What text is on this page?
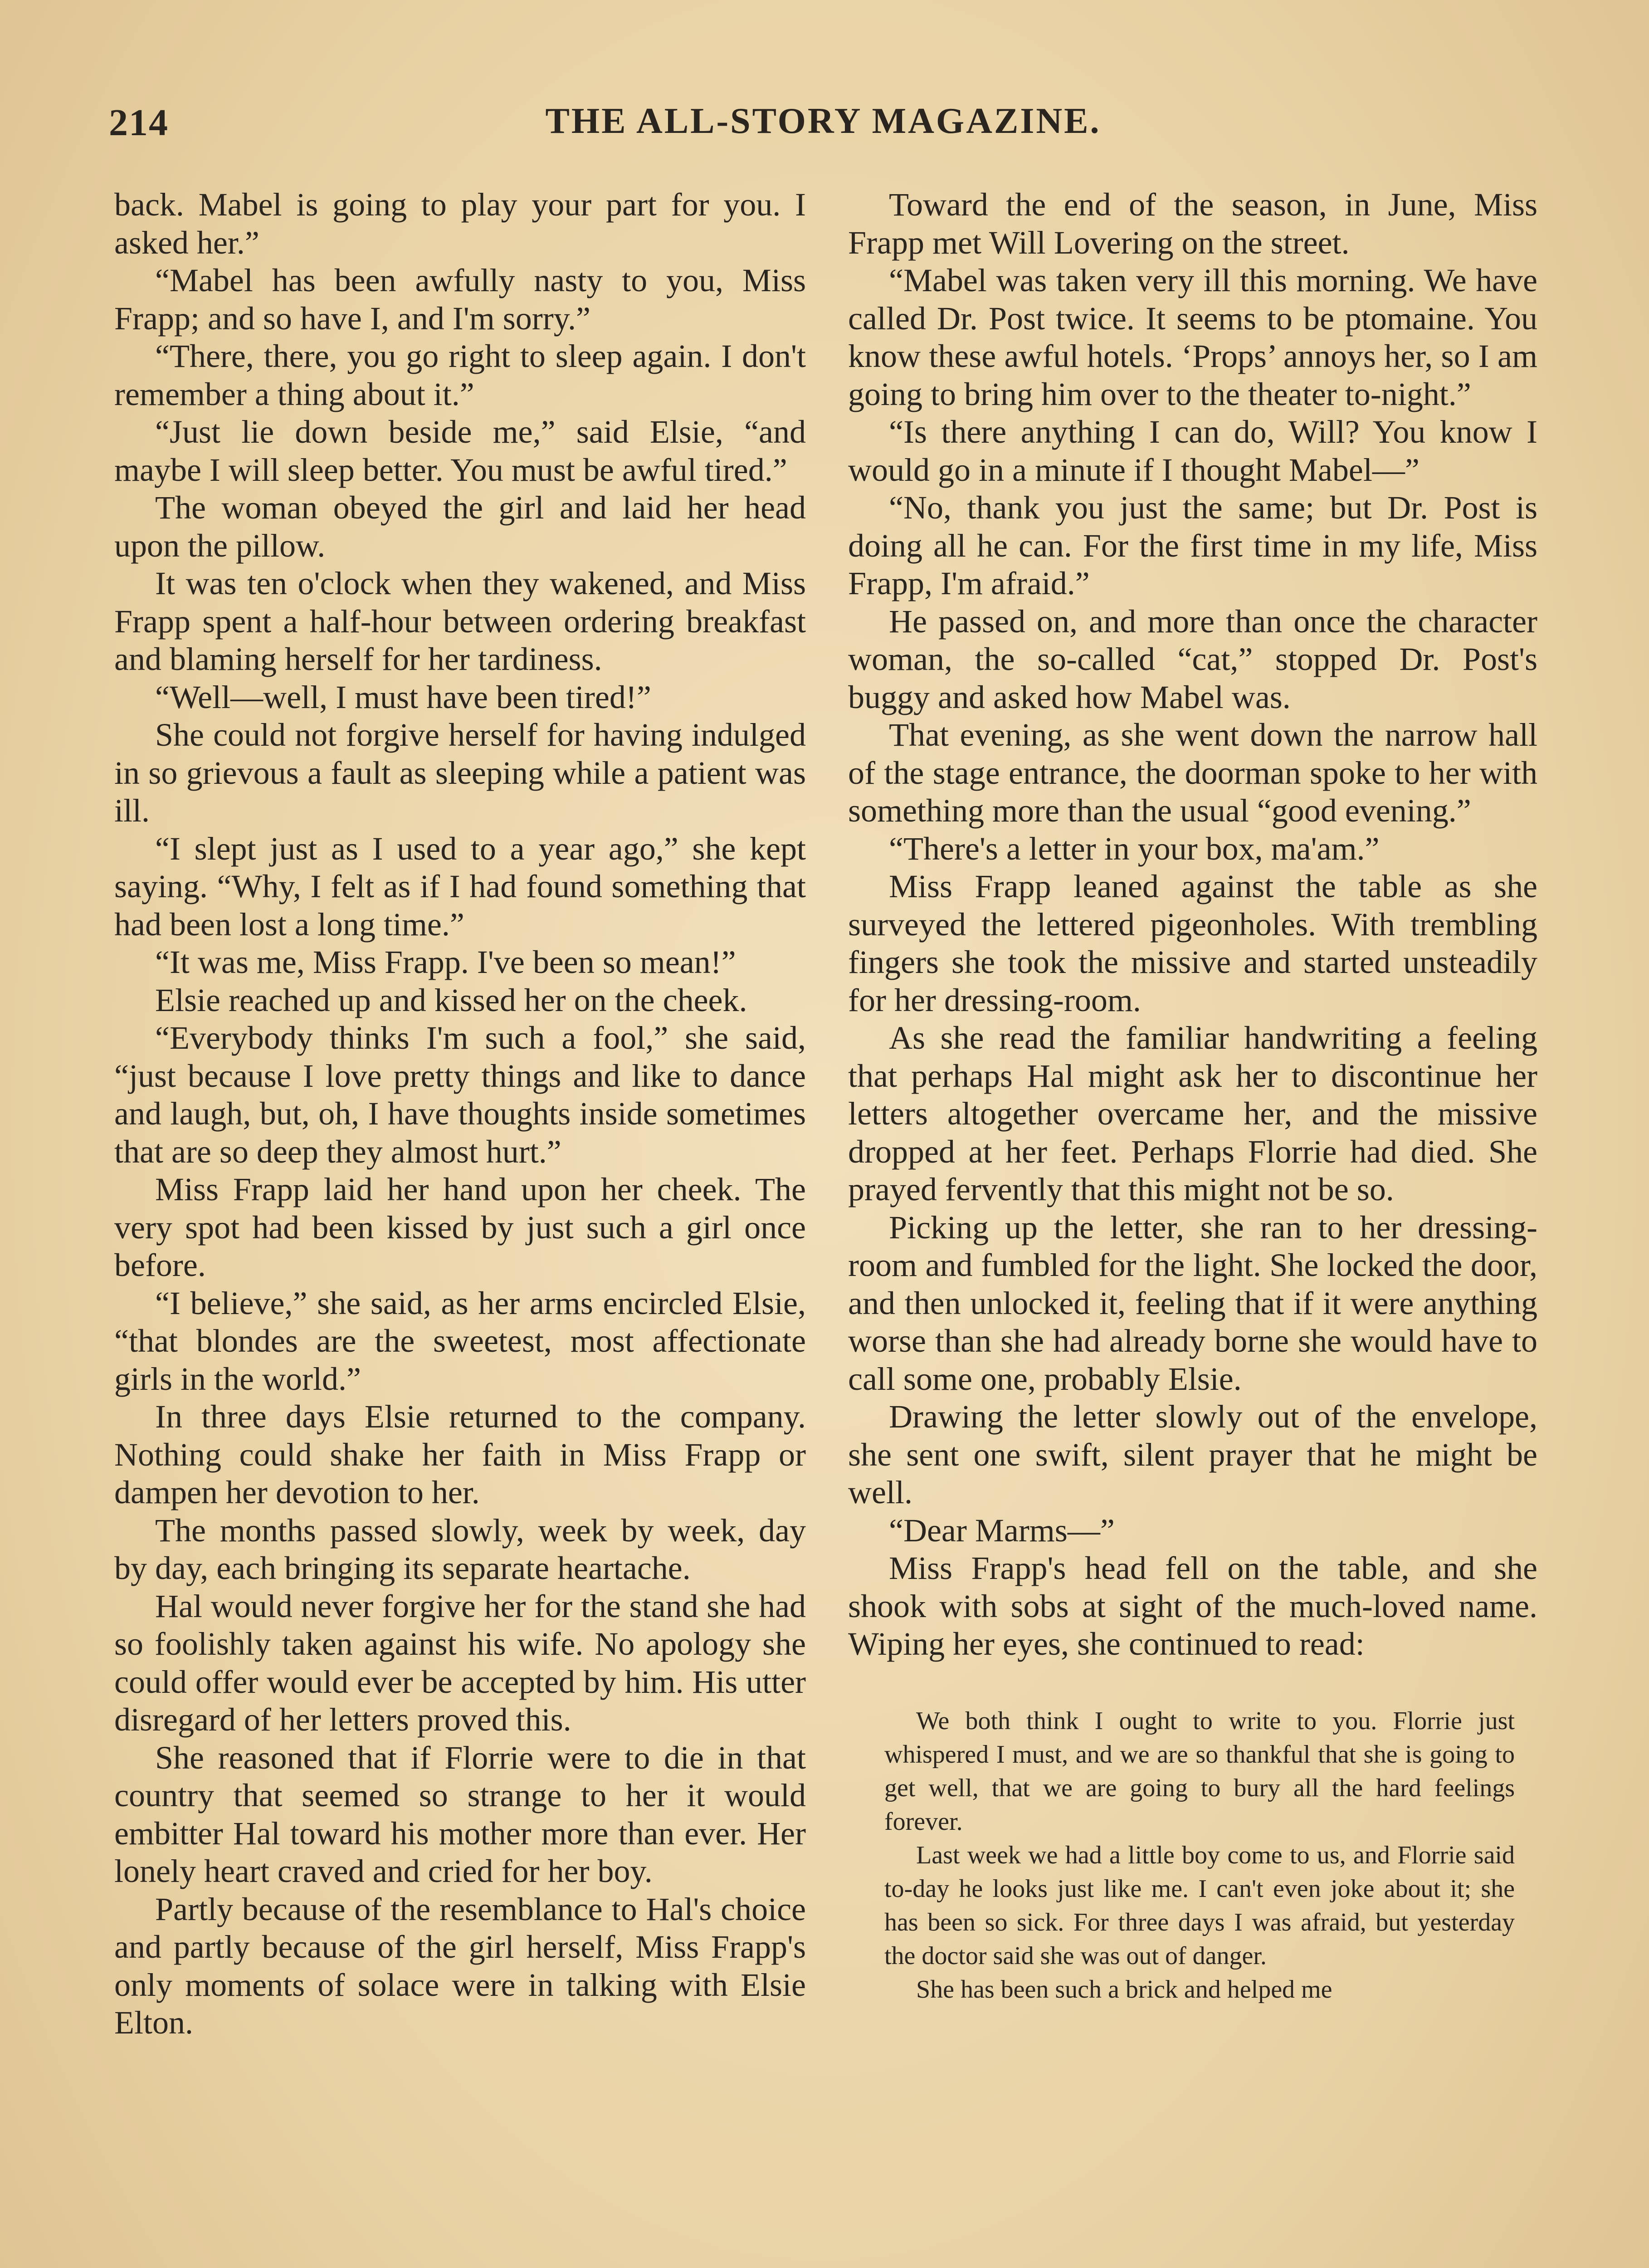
214	THE ALL-STORY MAGAZINE.

back. Mabel is going to play your part for you. I asked her.”

“Mabel has been awfully nasty to you, Miss Frapp; and so have I, and I'm sorry.”

“There, there, you go right to sleep again. I don't remember a thing about it.”

“Just lie down beside me,” said Elsie, “and maybe I will sleep better. You must be awful tired.”

The woman obeyed the girl and laid her head upon the pillow.

It was ten o'clock when they wakened, and Miss Frapp spent a half-hour between ordering breakfast and blaming herself for her tardiness.

“Well—well, I must have been tired!”

She could not forgive herself for having indulged in so grievous a fault as sleeping while a patient was ill.

“I slept just as I used to a year ago,” she kept saying. “Why, I felt as if I had found something that had been lost a long time.”

“It was me, Miss Frapp. I've been so mean!”

Elsie reached up and kissed her on the cheek.

“Everybody thinks I'm such a fool,” she said, “just because I love pretty things and like to dance and laugh, but, oh, I have thoughts inside sometimes that are so deep they almost hurt.”

Miss Frapp laid her hand upon her cheek. The very spot had been kissed by just such a girl once before.

“I believe,” she said, as her arms encircled Elsie, “that blondes are the sweetest, most affectionate girls in the world.”

In three days Elsie returned to the company. Nothing could shake her faith in Miss Frapp or dampen her devotion to her.

The months passed slowly, week by week, day by day, each bringing its separate heartache.

Hal would never forgive her for the stand she had so foolishly taken against his wife. No apology she could offer would ever be accepted by him. His utter disregard of her letters proved this.

She reasoned that if Florrie were to die in that country that seemed so strange to her it would embitter Hal toward his mother more than ever. Her lonely heart craved and cried for her boy.

Partly because of the resemblance to Hal's choice and partly because of the girl herself, Miss Frapp's only moments of solace were in talking with Elsie Elton.

Toward the end of the season, in June, Miss Frapp met Will Lovering on the street.

“Mabel was taken very ill this morning. We have called Dr. Post twice. It seems to be ptomaine. You know these awful hotels. ‘Props’ annoys her, so I am going to bring him over to the theater to-night.”

“Is there anything I can do, Will? You know I would go in a minute if I thought Mabel—”

“No, thank you just the same; but Dr. Post is doing all he can. For the first time in my life, Miss Frapp, I'm afraid.”

He passed on, and more than once the character woman, the so-called “cat,” stopped Dr. Post's buggy and asked how Mabel was.

That evening, as she went down the narrow hall of the stage entrance, the doorman spoke to her with something more than the usual “good evening.”

“There's a letter in your box, ma'am.”

Miss Frapp leaned against the table as she surveyed the lettered pigeonholes. With trembling fingers she took the missive and started unsteadily for her dressing-room.

As she read the familiar handwriting a feeling that perhaps Hal might ask her to discontinue her letters altogether overcame her, and the missive dropped at her feet. Perhaps Florrie had died. She prayed fervently that this might not be so.

Picking up the letter, she ran to her dressing-room and fumbled for the light. She locked the door, and then unlocked it, feeling that if it were anything worse than she had already borne she would have to call some one, probably Elsie.

Drawing the letter slowly out of the envelope, she sent one swift, silent prayer that he might be well.

“Dear Marms—”

Miss Frapp's head fell on the table, and she shook with sobs at sight of the much-loved name. Wiping her eyes, she continued to read:

We both think I ought to write to you. Florrie just whispered I must, and we are so thankful that she is going to get well, that we are going to bury all the hard feelings forever.

Last week we had a little boy come to us, and Florrie said to-day he looks just like me. I can't even joke about it; she has been so sick. For three days I was afraid, but yesterday the doctor said she was out of danger.

She has been such a brick and helped me
